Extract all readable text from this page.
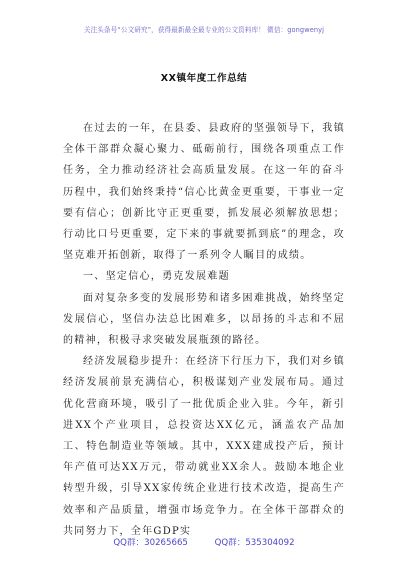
关注头条号“公文研究”，获得最新最全最专业的公文资料库！ 微信：gongwenyj
XX镇年度工作总结

在过去的一年，在县委、县政府的坚强领导下，我镇全体干部群众凝心聚力、砥砺前行，围绕各项重点工作任务，全力推动经济社会高质量发展。在这一年的奋斗历程中，我们始终秉持“信心比黄金更重要，干事业一定要有信心；创新比守正更重要，抓发展必须解放思想；行动比口号更重要，定下来的事就要抓到底”的理念，攻坚克难开拓创新，取得了一系列令人瞩目的成绩。

一、坚定信心，勇克发展难题

面对复杂多变的发展形势和诸多困难挑战，始终坚定发展信心，坚信办法总比困难多，以昂扬的斗志和不屈的精神，积极寻求突破发展瓶颈的路径。

经济发展稳步提升：在经济下行压力下，我们对乡镇经济发展前景充满信心，积极谋划产业发展布局。通过优化营商环境，吸引了一批优质企业入驻。今年，新引进XX个产业项目，总投资达XX亿元，涵盖农产品加工、特色制造业等领域。其中，XXX建成投产后，预计年产值可达XX万元，带动就业XX余人。鼓励本地企业转型升级，引导XX家传统企业进行技术改造，提高生产效率和产品质量，增强市场竞争力。在全体干部群众的共同努力下，全年GDP实

QQ群：30265665	QQ群：535304092
